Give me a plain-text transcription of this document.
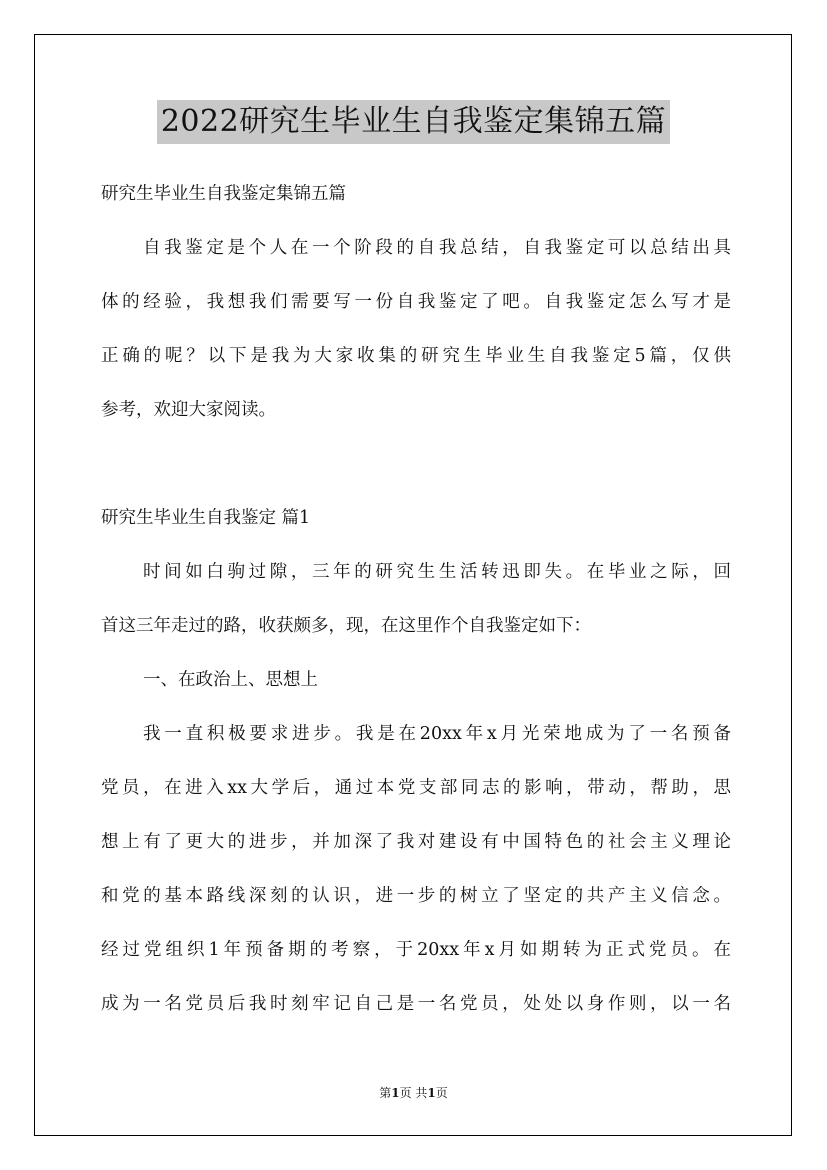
2022研究生毕业生自我鉴定集锦五篇
研究生毕业生自我鉴定集锦五篇
自我鉴定是个人在一个阶段的自我总结，自我鉴定可以总结出具
体的经验，我想我们需要写一份自我鉴定了吧。自我鉴定怎么写才是
正确的呢？以下是我为大家收集的研究生毕业生自我鉴定5篇，仅供
参考，欢迎大家阅读。
研究生毕业生自我鉴定 篇1
时间如白驹过隙，三年的研究生生活转迅即失。在毕业之际，回
首这三年走过的路，收获颇多，现，在这里作个自我鉴定如下：
一、在政治上、思想上
我一直积极要求进步。我是在20xx年x月光荣地成为了一名预备
党员，在进入xx大学后，通过本党支部同志的影响，带动，帮助，思
想上有了更大的进步，并加深了我对建设有中国特色的社会主义理论
和党的基本路线深刻的认识，进一步的树立了坚定的共产主义信念。
经过党组织1年预备期的考察，于20xx年x月如期转为正式党员。在
成为一名党员后我时刻牢记自己是一名党员，处处以身作则，以一名
第1页 共1页
